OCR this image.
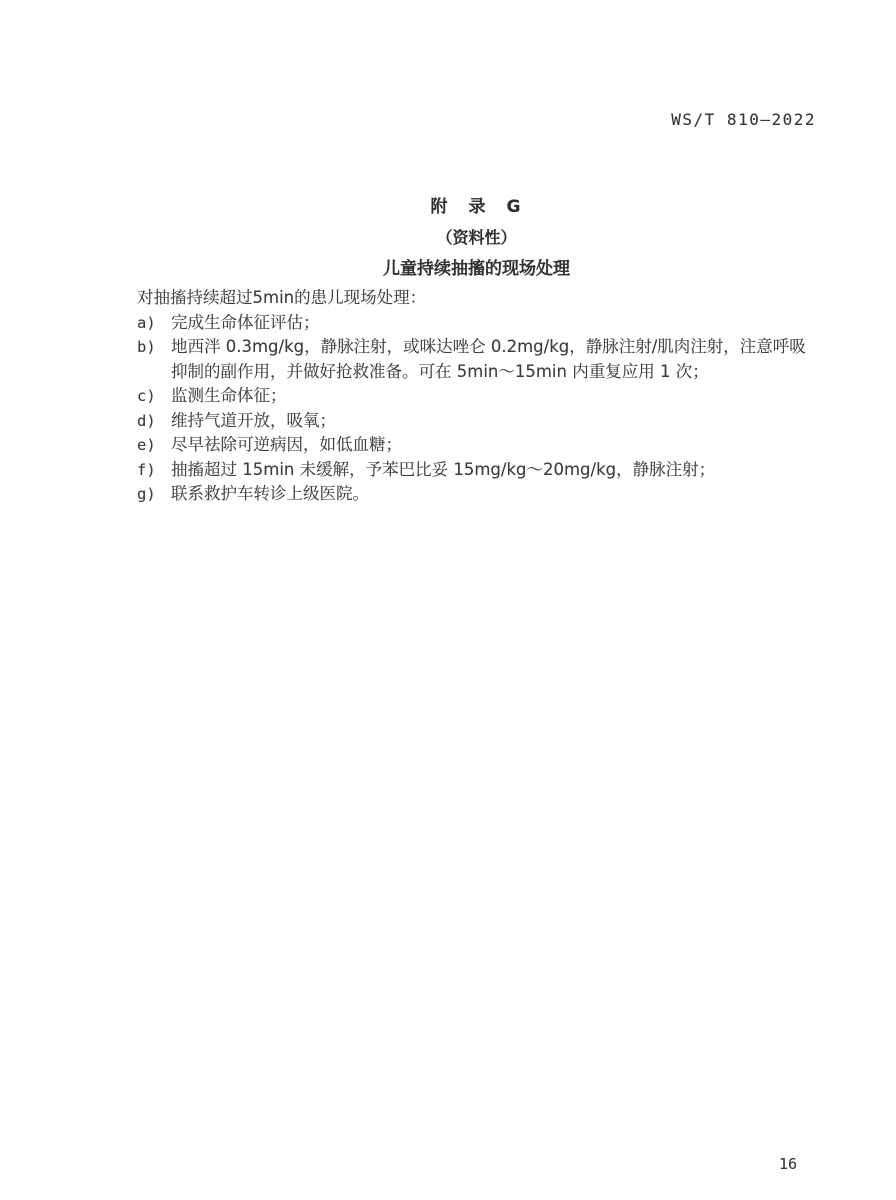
WS/T 810—2022
附　录　G
（资料性）
儿童持续抽搐的现场处理

对抽搐持续超过5min的患儿现场处理：

a) 完成生命体征评估；
b) 地西泮 0.3mg/kg，静脉注射，或咪达唑仑 0.2mg/kg，静脉注射/肌肉注射，注意呼吸抑制的副作用，并做好抢救准备。可在 5min～15min 内重复应用 1 次；
c) 监测生命体征；
d) 维持气道开放，吸氧；
e) 尽早祛除可逆病因，如低血糖；
f) 抽搐超过 15min 未缓解，予苯巴比妥 15mg/kg～20mg/kg，静脉注射；
g) 联系救护车转诊上级医院。
16
